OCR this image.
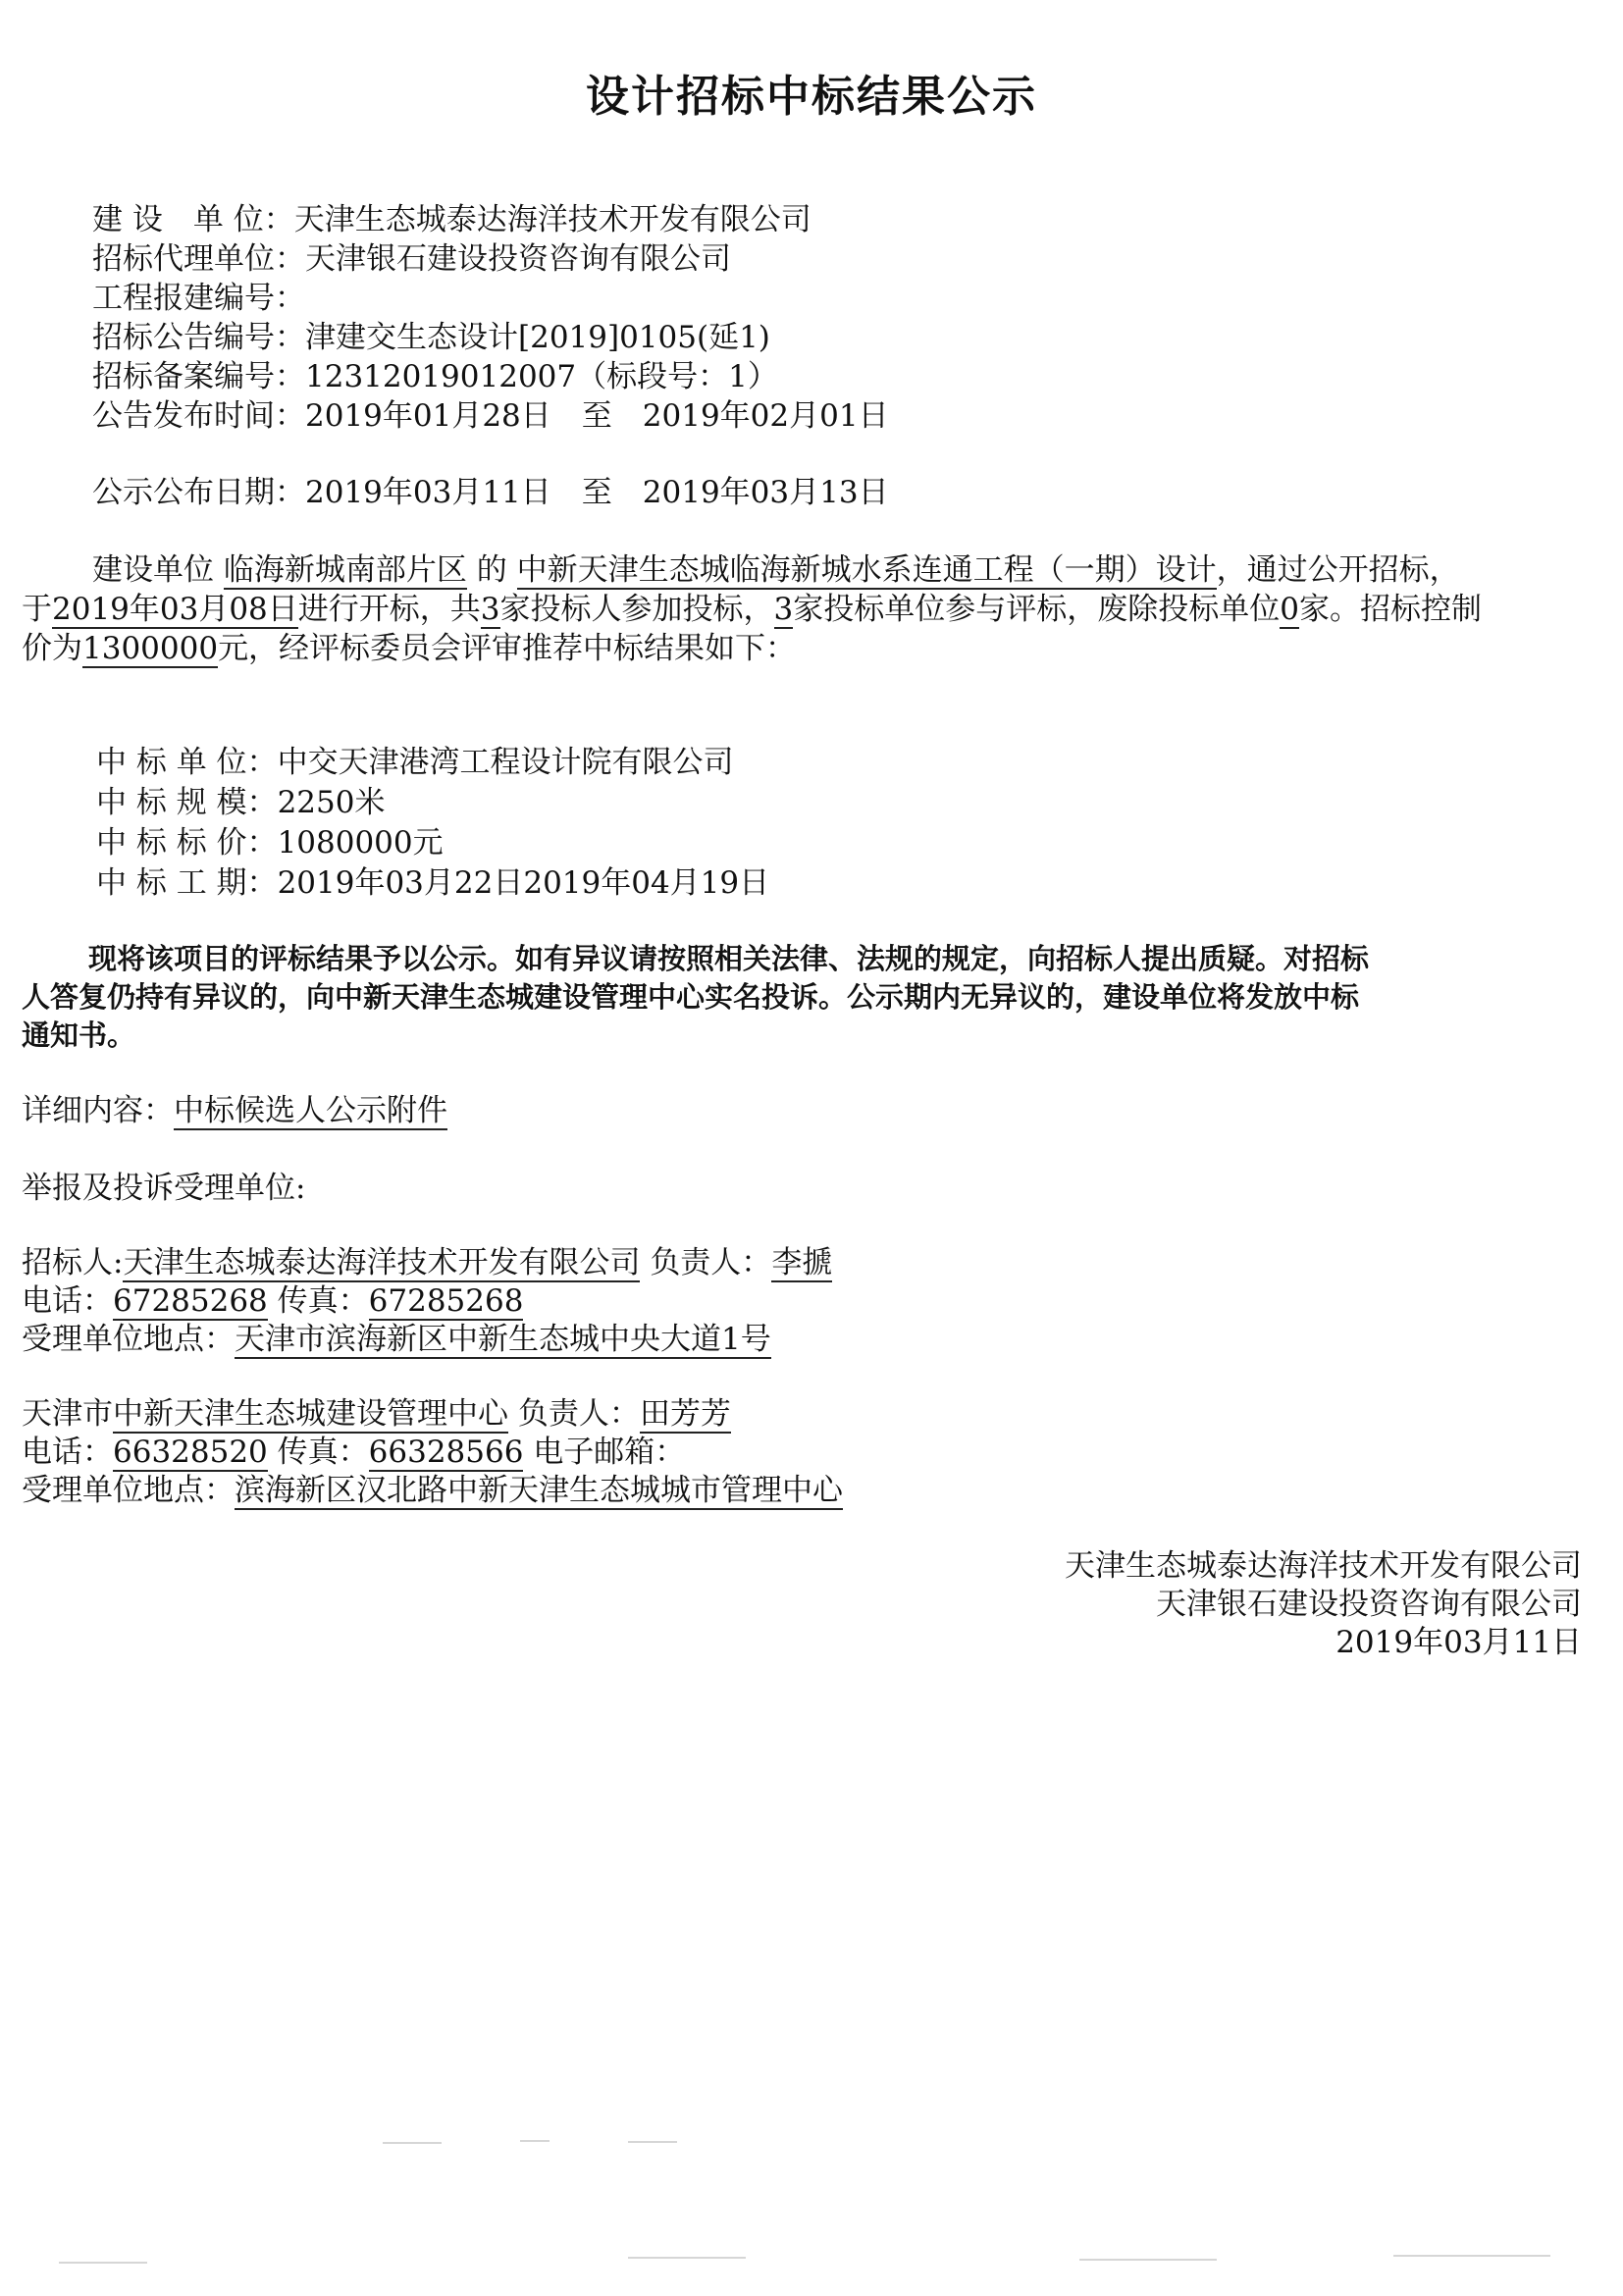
设计招标中标结果公示
建 设　单 位：天津生态城泰达海洋技术开发有限公司
招标代理单位：天津银石建设投资咨询有限公司
工程报建编号：
招标公告编号：津建交生态设计[2019]0105(延1)
招标备案编号：12312019012007（标段号：1）
公告发布时间：2019年01月28日　至　2019年02月01日
公示公布日期：2019年03月11日　至　2019年03月13日
建设单位 临海新城南部片区 的 中新天津生态城临海新城水系连通工程（一期）设计，通过公开招标，
于2019年03月08日进行开标，共3家投标人参加投标，3家投标单位参与评标，废除投标单位0家。招标控制
价为1300000元，经评标委员会评审推荐中标结果如下：
中 标 单 位：中交天津港湾工程设计院有限公司
中 标 规 模：2250米
中 标 标 价：1080000元
中 标 工 期：2019年03月22日2019年04月19日
现将该项目的评标结果予以公示。如有异议请按照相关法律、法规的规定，向招标人提出质疑。对招标
人答复仍持有异议的，向中新天津生态城建设管理中心实名投诉。公示期内无异议的，建设单位将发放中标
通知书。
详细内容：中标候选人公示附件
举报及投诉受理单位:
招标人:天津生态城泰达海洋技术开发有限公司 负责人：李搋
电话：67285268 传真：67285268
受理单位地点：天津市滨海新区中新生态城中央大道1号
天津市中新天津生态城建设管理中心 负责人：田芳芳
电话：66328520 传真：66328566 电子邮箱：
受理单位地点：滨海新区汉北路中新天津生态城城市管理中心
天津生态城泰达海洋技术开发有限公司
天津银石建设投资咨询有限公司
2019年03月11日
